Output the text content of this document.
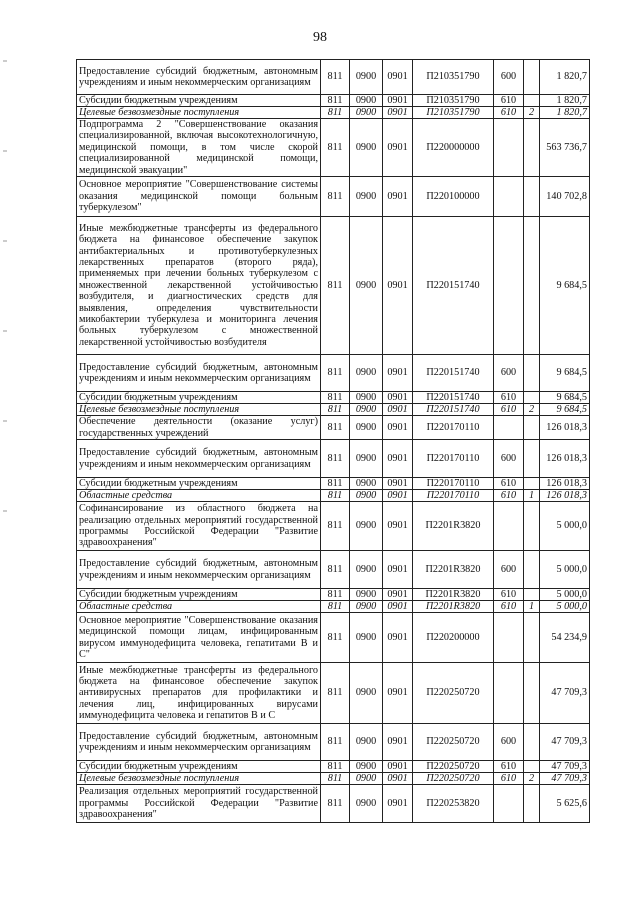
98
Предоставление субсидий бюджетным, автономным учреждениям и иным некоммерческим организациям	811	0900	0901	П210351790	600		1 820,7
Субсидии бюджетным учреждениям	811	0900	0901	П210351790	610		1 820,7
Целевые безвозмездные поступления	811	0900	0901	П210351790	610	2	1 820,7
Подпрограмма 2 "Совершенствование оказания специализированной, включая высокотехнологичную, медицинской помощи, в том числе скорой специализированной медицинской помощи, медицинской эвакуации"	811	0900	0901	П220000000			563 736,7
Основное мероприятие "Совершенствование системы оказания медицинской помощи больным туберкулезом"	811	0900	0901	П220100000			140 702,8
Иные межбюджетные трансферты из федерального бюджета на финансовое обеспечение закупок антибактериальных и противотуберкулезных лекарственных препаратов (второго ряда), применяемых при лечении больных туберкулезом с множественной лекарственной устойчивостью возбудителя, и диагностических средств для выявления, определения чувствительности микобактерии туберкулеза и мониторинга лечения больных туберкулезом с множественной лекарственной устойчивостью возбудителя	811	0900	0901	П220151740			9 684,5
Предоставление субсидий бюджетным, автономным учреждениям и иным некоммерческим организациям	811	0900	0901	П220151740	600		9 684,5
Субсидии бюджетным учреждениям	811	0900	0901	П220151740	610		9 684,5
Целевые безвозмездные поступления	811	0900	0901	П220151740	610	2	9 684,5
Обеспечение деятельности (оказание услуг) государственных учреждений	811	0900	0901	П220170110			126 018,3
Предоставление субсидий бюджетным, автономным учреждениям и иным некоммерческим организациям	811	0900	0901	П220170110	600		126 018,3
Субсидии бюджетным учреждениям	811	0900	0901	П220170110	610		126 018,3
Областные средства	811	0900	0901	П220170110	610	1	126 018,3
Софинансирование из областного бюджета на реализацию отдельных мероприятий государственной программы Российской Федерации "Развитие здравоохранения"	811	0900	0901	П2201R3820			5 000,0
Предоставление субсидий бюджетным, автономным учреждениям и иным некоммерческим организациям	811	0900	0901	П2201R3820	600		5 000,0
Субсидии бюджетным учреждениям	811	0900	0901	П2201R3820	610		5 000,0
Областные средства	811	0900	0901	П2201R3820	610	1	5 000,0
Основное мероприятие "Совершенствование оказания медицинской помощи лицам, инфицированным вирусом иммунодефицита человека, гепатитами В и С"	811	0900	0901	П220200000			54 234,9
Иные межбюджетные трансферты из федерального бюджета на финансовое обеспечение закупок антивирусных препаратов для профилактики и лечения лиц, инфицированных вирусами иммунодефицита человека и гепатитов В и С	811	0900	0901	П220250720			47 709,3
Предоставление субсидий бюджетным, автономным учреждениям и иным некоммерческим организациям	811	0900	0901	П220250720	600		47 709,3
Субсидии бюджетным учреждениям	811	0900	0901	П220250720	610		47 709,3
Целевые безвозмездные поступления	811	0900	0901	П220250720	610	2	47 709,3
Реализация отдельных мероприятий государственной программы Российской Федерации "Развитие здравоохранения"	811	0900	0901	П220253820			5 625,6
